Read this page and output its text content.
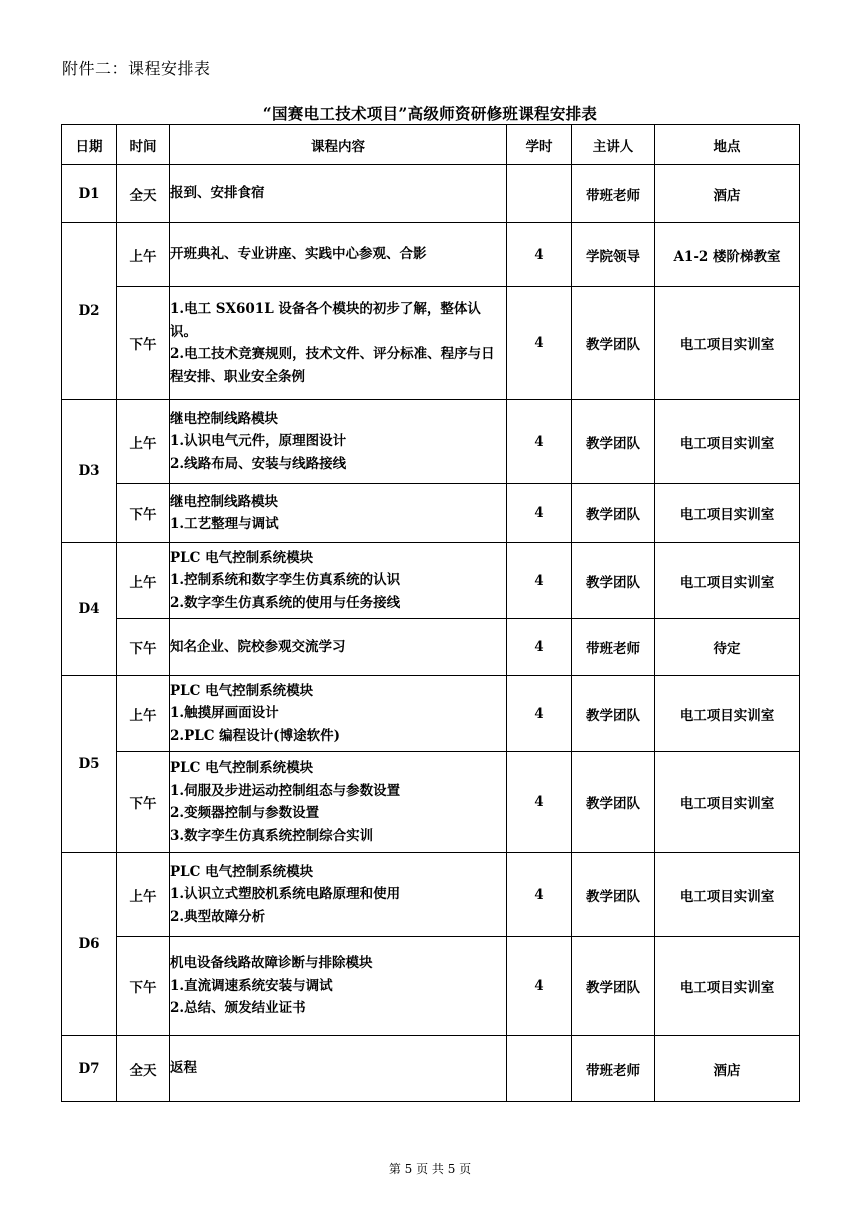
附件二：课程安排表
“国赛电工技术项目”高级师资研修班课程安排表
日期	时间	课程内容	学时	主讲人	地点
D1	全天	报到、安排食宿		带班老师	酒店
D2	上午	开班典礼、专业讲座、实践中心参观、合影	4	学院领导	A1-2 楼阶梯教室
	下午	1.电工 SX601L 设备各个模块的初步了解，整体认识。
2.电工技术竞赛规则，技术文件、评分标准、程序与日程安排、职业安全条例	4	教学团队	电工项目实训室
D3	上午	继电控制线路模块
1.认识电气元件，原理图设计
2.线路布局、安装与线路接线	4	教学团队	电工项目实训室
	下午	继电控制线路模块
1.工艺整理与调试	4	教学团队	电工项目实训室
D4	上午	PLC 电气控制系统模块
1.控制系统和数字孪生仿真系统的认识
2.数字孪生仿真系统的使用与任务接线	4	教学团队	电工项目实训室
	下午	知名企业、院校参观交流学习	4	带班老师	待定
D5	上午	PLC 电气控制系统模块
1.触摸屏画面设计
2.PLC 编程设计(博途软件)	4	教学团队	电工项目实训室
	下午	PLC 电气控制系统模块
1.伺服及步进运动控制组态与参数设置
2.变频器控制与参数设置
3.数字孪生仿真系统控制综合实训	4	教学团队	电工项目实训室
D6	上午	PLC 电气控制系统模块
1.认识立式塑胶机系统电路原理和使用
2.典型故障分析	4	教学团队	电工项目实训室
	下午	机电设备线路故障诊断与排除模块
1.直流调速系统安装与调试
2.总结、颁发结业证书	4	教学团队	电工项目实训室
D7	全天	返程		带班老师	酒店
第 5 页 共 5 页
